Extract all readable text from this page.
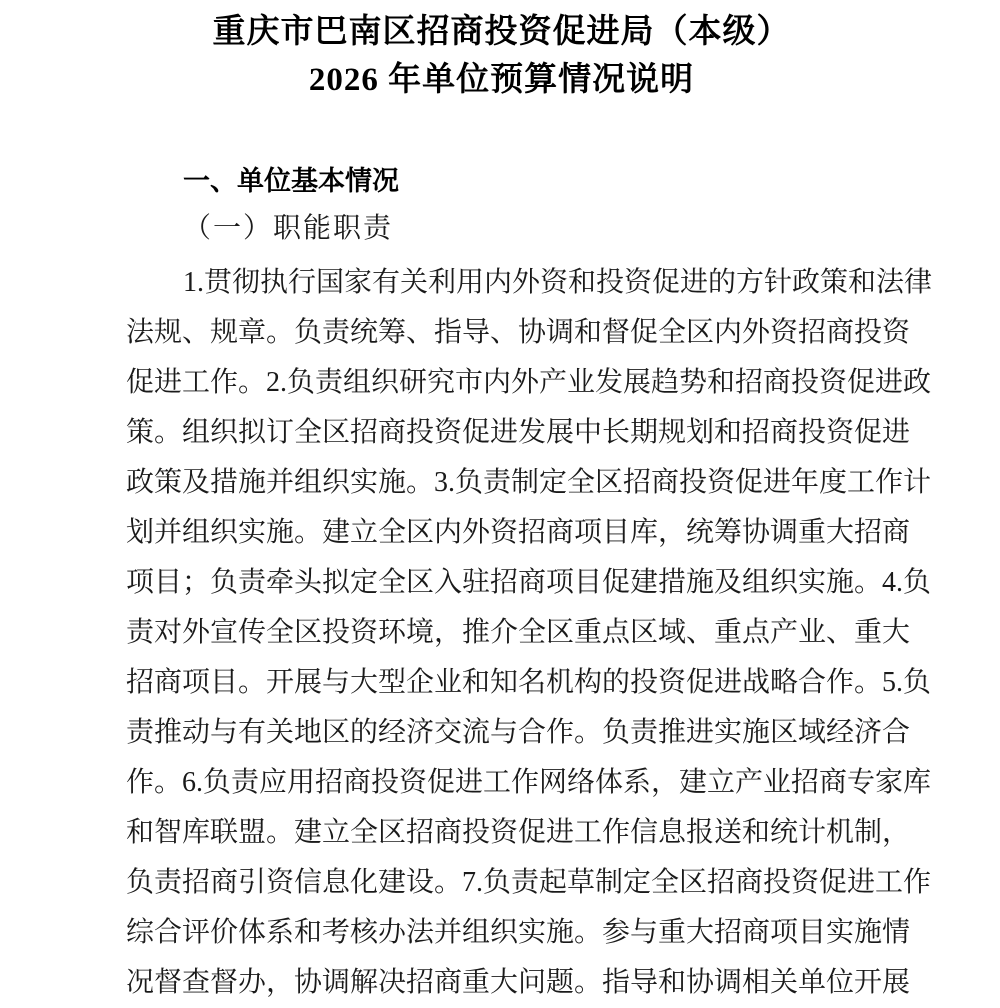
重庆市巴南区招商投资促进局（本级）
2026 年单位预算情况说明
一、单位基本情况
（一）职能职责
1.贯彻执行国家有关利用内外资和投资促进的方针政策和法律
法规、规章。负责统筹、指导、协调和督促全区内外资招商投资
促进工作。2.负责组织研究市内外产业发展趋势和招商投资促进政
策。组织拟订全区招商投资促进发展中长期规划和招商投资促进
政策及措施并组织实施。3.负责制定全区招商投资促进年度工作计
划并组织实施。建立全区内外资招商项目库，统筹协调重大招商
项目；负责牵头拟定全区入驻招商项目促建措施及组织实施。4.负
责对外宣传全区投资环境，推介全区重点区域、重点产业、重大
招商项目。开展与大型企业和知名机构的投资促进战略合作。5.负
责推动与有关地区的经济交流与合作。负责推进实施区域经济合
作。6.负责应用招商投资促进工作网络体系，建立产业招商专家库
和智库联盟。建立全区招商投资促进工作信息报送和统计机制，
负责招商引资信息化建设。7.负责起草制定全区招商投资促进工作
综合评价体系和考核办法并组织实施。参与重大招商项目实施情
况督查督办，协调解决招商重大问题。指导和协调相关单位开展
